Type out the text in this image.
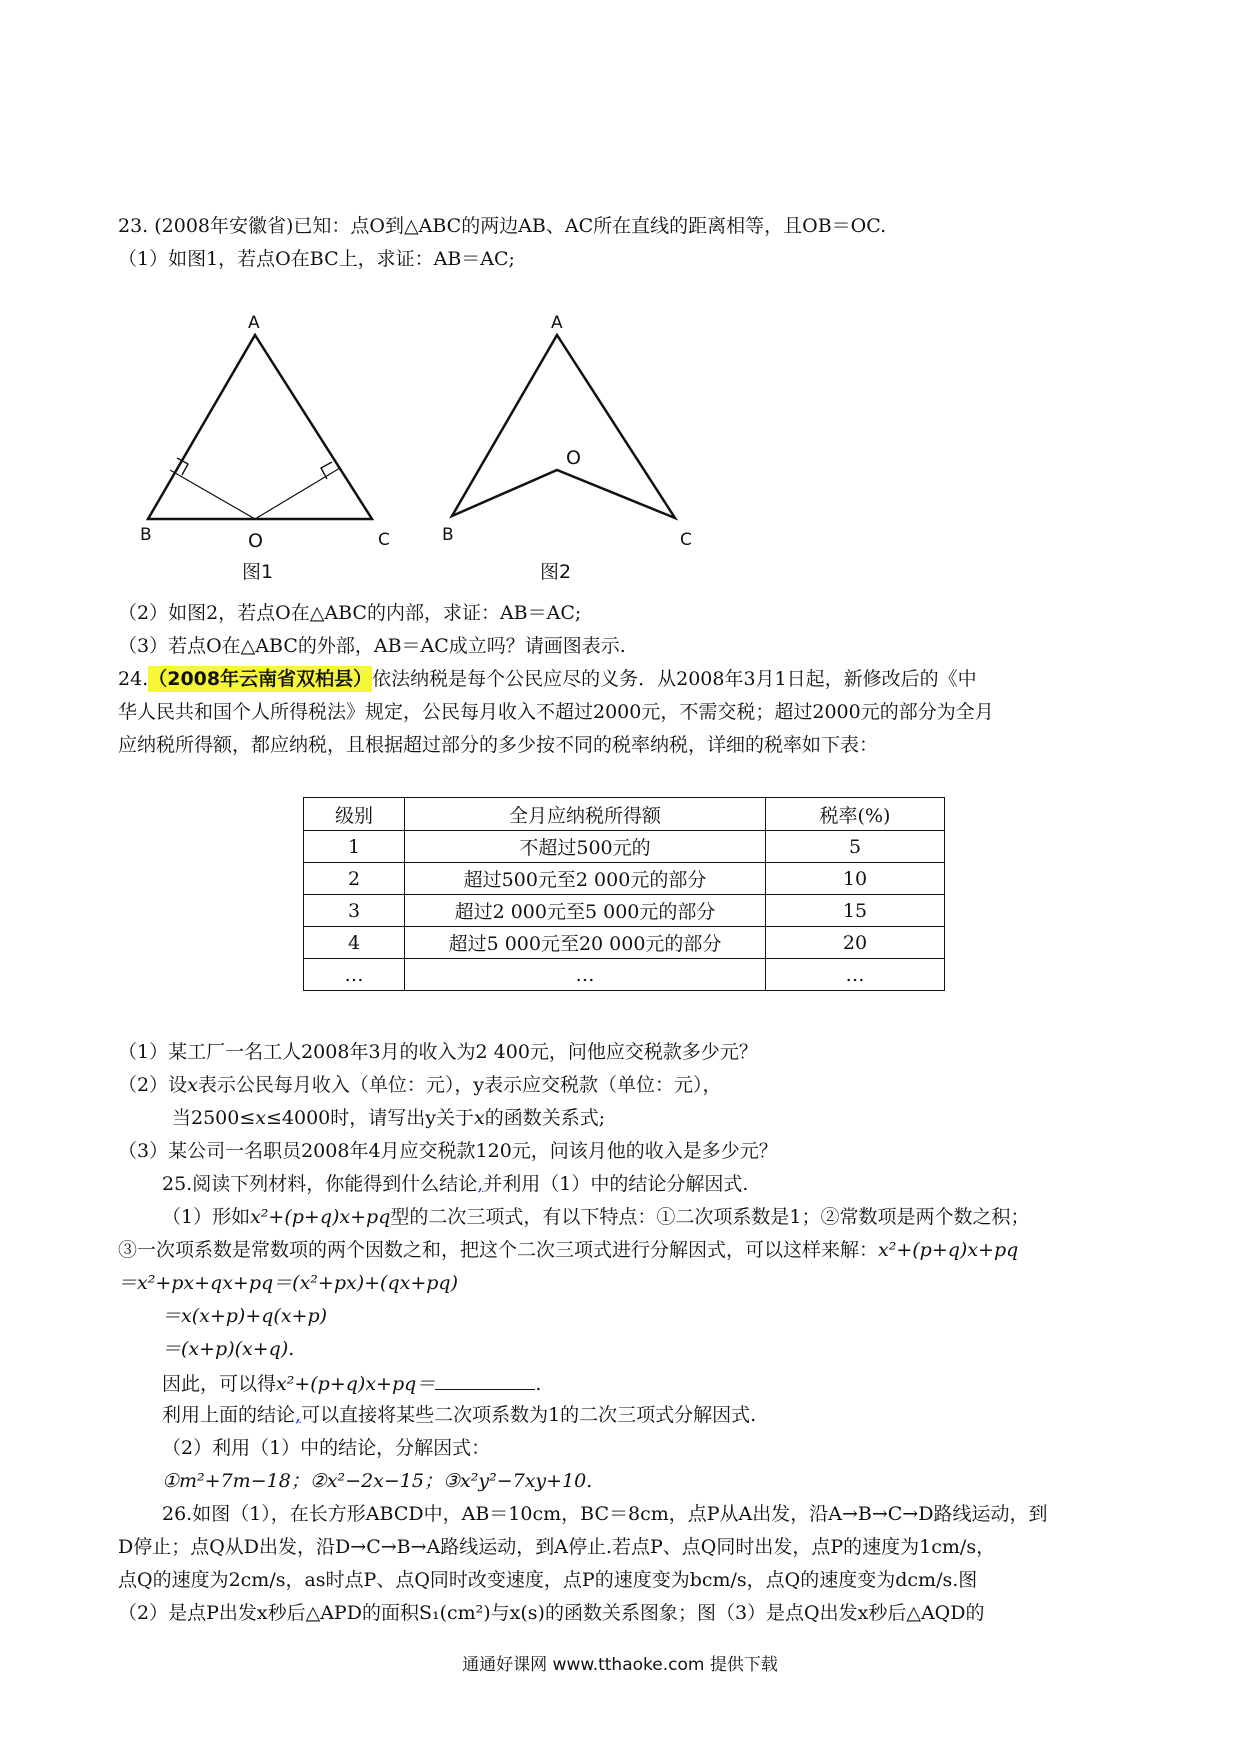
23. (2008年安徽省)已知：点O到△ABC的两边AB、AC所在直线的距离相等，且OB＝OC.
（1）如图1，若点O在BC上，求证：AB＝AC;
A
B	C
O
图1
A
B	C
O
图2
（2）如图2，若点O在△ABC的内部，求证：AB＝AC;
（3）若点O在△ABC的外部，AB＝AC成立吗？请画图表示.
24.（2008年云南省双柏县）依法纳税是每个公民应尽的义务．从2008年3月1日起，新修改后的《中
华人民共和国个人所得税法》规定，公民每月收入不超过2000元，不需交税；超过2000元的部分为全月
应纳税所得额，都应纳税，且根据超过部分的多少按不同的税率纳税，详细的税率如下表：
级别	全月应纳税所得额	税率(%)
1	不超过500元的	5
2	超过500元至2 000元的部分	10
3	超过2 000元至5 000元的部分	15
4	超过5 000元至20 000元的部分	20
…	…	…
（1）某工厂一名工人2008年3月的收入为2 400元，问他应交税款多少元？
（2）设x表示公民每月收入（单位：元），y表示应交税款（单位：元），
当2500≤x≤4000时，请写出y关于x的函数关系式;
（3）某公司一名职员2008年4月应交税款120元，问该月他的收入是多少元？
25.阅读下列材料，你能得到什么结论,并利用（1）中的结论分解因式.
（1）形如x²+(p+q)x+pq型的二次三项式，有以下特点：①二次项系数是1；②常数项是两个数之积；
③一次项系数是常数项的两个因数之和，把这个二次三项式进行分解因式，可以这样来解：x²+(p+q)x+pq
＝x²+px+qx+pq＝(x²+px)+(qx+pq)
＝x(x+p)+q(x+p)
＝(x+p)(x+q).
因此，可以得x²+(p+q)x+pq＝	.
利用上面的结论,可以直接将某些二次项系数为1的二次三项式分解因式.
（2）利用（1）中的结论，分解因式：
①m²+7m−18；②x²−2x−15；③x²y²−7xy+10.
26.如图（1），在长方形ABCD中，AB＝10cm，BC＝8cm，点P从A出发，沿A→B→C→D路线运动，到
D停止；点Q从D出发，沿D→C→B→A路线运动，到A停止.若点P、点Q同时出发，点P的速度为1cm/s，
点Q的速度为2cm/s，as时点P、点Q同时改变速度，点P的速度变为bcm/s，点Q的速度变为dcm/s.图
（2）是点P出发x秒后△APD的面积S₁(cm²)与x(s)的函数关系图象；图（3）是点Q出发x秒后△AQD的
通通好课网 www.tthaoke.com 提供下载
